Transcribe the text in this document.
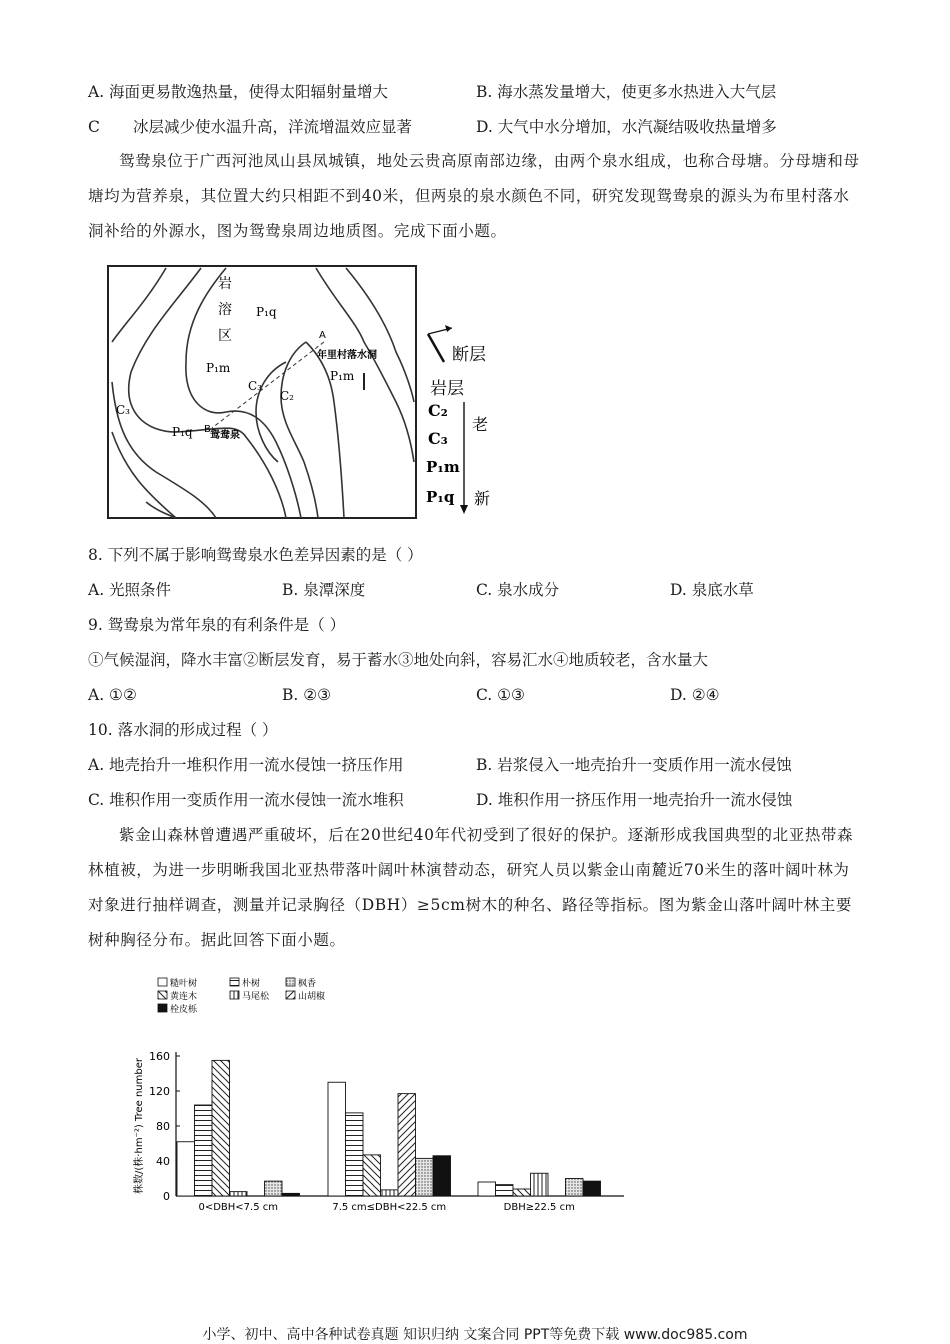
A. 海面更易散逸热量，使得太阳辐射量增大	B. 海水蒸发量增大，使更多水热进入大气层
C 冰层减少使水温升高，洋流增温效应显著	D. 大气中水分增加，水汽凝结吸收热量增多
鸳鸯泉位于广西河池凤山县凤城镇，地处云贵高原南部边缘，由两个泉水组成，也称合母塘。分母塘和母塘均为营养泉，其位置大约只相距不到40米，但两泉的泉水颜色不同，研究发现鸳鸯泉的源头为布里村落水洞补给的外源水，图为鸳鸯泉周边地质图。完成下面小题。
岩
溶
区
P₁q
P₁m
P₁m
C₃
C₃
C₂
P₁q
A
B
年里村落水洞
鸳鸯泉
断层
岩层
C₂
C₃
P₁m
P₁q
老
新
8. 下列不属于影响鸳鸯泉水色差异因素的是（ ）
A. 光照条件	B. 泉潭深度	C. 泉水成分	D. 泉底水草
9. 鸳鸯泉为常年泉的有利条件是（ ）
①气候湿润，降水丰富②断层发育，易于蓄水③地处向斜，容易汇水④地质较老，含水量大
A. ①②	B. ②③	C. ①③	D. ②④
10. 落水洞的形成过程（ ）
A. 地壳抬升一堆积作用一流水侵蚀一挤压作用	B. 岩浆侵入一地壳抬升一变质作用一流水侵蚀
C. 堆积作用一变质作用一流水侵蚀一流水堆积	D. 堆积作用一挤压作用一地壳抬升一流水侵蚀
紫金山森林曾遭遇严重破坏，后在20世纪40年代初受到了很好的保护。逐渐形成我国典型的北亚热带森林植被，为进一步明晰我国北亚热带落叶阔叶林演替动态，研究人员以紫金山南麓近70米生的落叶阔叶林为对象进行抽样调查，测量并记录胸径（DBH）≥5cm树木的种名、路径等指标。图为紫金山落叶阔叶林主要树种胸径分布。据此回答下面小题。
糙叶树	朴树	枫香
黄连木	马尾松	山胡椒
栓皮栎
0
40
80
120
160
株数/(株·hm⁻²) Tree number
0<DBH<7.5 cm	7.5 cm≤DBH<22.5 cm	DBH≥22.5 cm
小学、初中、高中各种试卷真题 知识归纳 文案合同 PPT等免费下载 www.doc985.com
